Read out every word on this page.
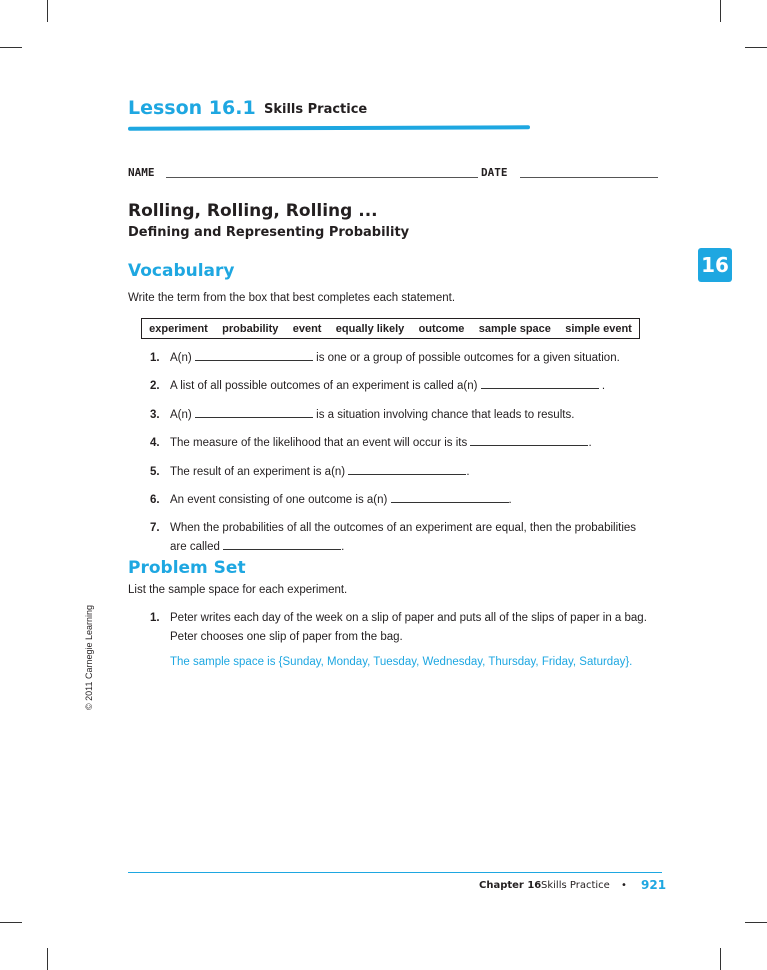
Lesson 16.1 Skills Practice
NAME	DATE
Rolling, Rolling, Rolling ...
Defining and Representing Probability
16
Vocabulary
Write the term from the box that best completes each statement.
experiment probability event equally likely outcome sample space simple event
1. A(n)	is one or a group of possible outcomes for a given situation.
2. A list of all possible outcomes of an experiment is called a(n)	.
3. A(n)	is a situation involving chance that leads to results.
4. The measure of the likelihood that an event will occur is its	.
5. The result of an experiment is a(n)	.
6. An event consisting of one outcome is a(n)	.
7. When the probabilities of all the outcomes of an experiment are equal, then the probabilities are called	.
Problem Set
List the sample space for each experiment.
1. Peter writes each day of the week on a slip of paper and puts all of the slips of paper in a bag. Peter chooses one slip of paper from the bag.
The sample space is {Sunday, Monday, Tuesday, Wednesday, Thursday, Friday, Saturday}.
© 2011 Carnegie Learning
Chapter 16 Skills Practice • 921
